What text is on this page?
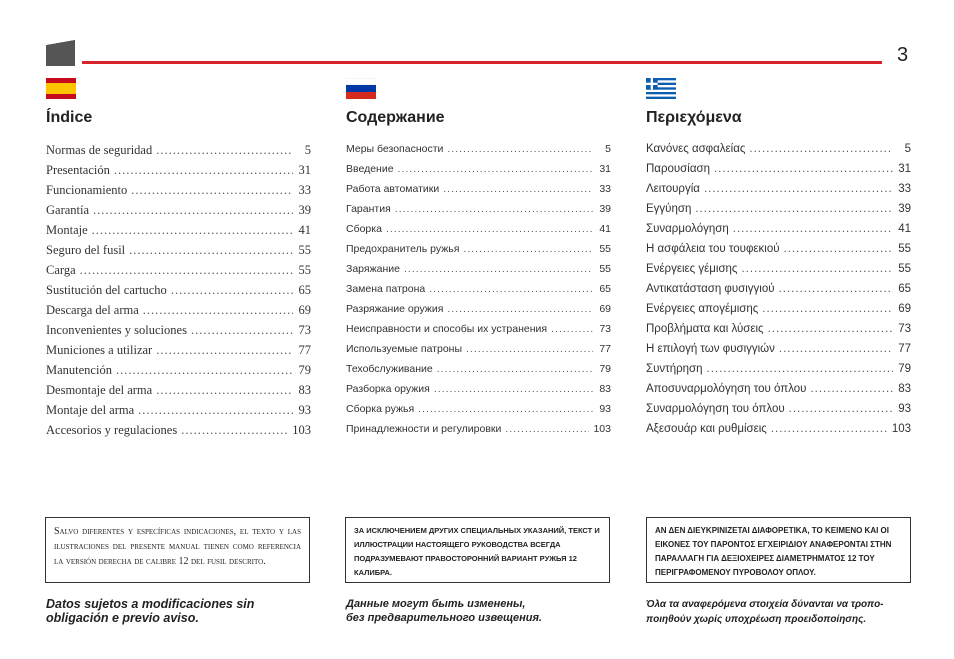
3
Índice
Normas de seguridad .....	5
Presentación .....	31
Funcionamiento .....	33
Garantía .....	39
Montaje .....	41
Seguro del fusil .....	55
Carga .....	55
Sustitución del cartucho .....	65
Descarga del arma .....	69
Inconvenientes y soluciones .....	73
Municiones a utilizar .....	77
Manutención .....	79
Desmontaje del arma .....	83
Montaje del arma .....	93
Accesorios y regulaciones .....	103
Содержание
Меры безопасности .....	5
Введение .....	31
Работа автоматики .....	33
Гарантия .....	39
Сборка .....	41
Предохранитель ружья .....	55
Заряжание .....	55
Замена патрона .....	65
Разряжание оружия .....	69
Неисправности и способы их устранения .....	73
Используемые патроны .....	77
Техобслуживание .....	79
Разборка оружия .....	83
Сборка ружья .....	93
Принадлежности и регулировки .....	103
Περιεχόμενα
Κανόνες ασφαλείας .....	5
Παρουσίαση .....	31
Λειτουργία .....	33
Εγγύηση .....	39
Συναρμολόγηση .....	41
Η ασφάλεια του τουφεκιού .....	55
Ενέργειες γέμισης .....	55
Αντικατάσταση φυσιγγιού .....	65
Ενέργειες απογέμισης .....	69
Προβλήματα και λύσεις .....	73
Η επιλογή των φυσιγγιών .....	77
Συντήρηση .....	79
Αποσυναρμολόγηση του όπλου .....	83
Συναρμολόγηση του όπλου .....	93
Αξεσουάρ και ρυθμίσεις .....	103
Salvo diferentes y específicas indicaciones, el texto y las ilustraciones del presente manual tienen como referencia la versión derecha de calibre 12 del fusil descrito.
ЗА ИСКЛЮЧЕНИЕМ ДРУГИХ СПЕЦИАЛЬНЫХ УКАЗАНИЙ, ТЕКСТ И ИЛЛЮСТРАЦИИ НАСТОЯЩЕГО РУКОВОДСТВА ВСЕГДА ПОДРАЗУМЕВАЮТ ПРАВОСТОРОННИЙ ВАРИАНТ РУЖЬЯ 12 КАЛИБРА.
ΑΝ ΔΕΝ ΔΙΕΥΚΡΙΝΙΖΕΤΑΙ ΔΙΑΦΟΡΕΤΙΚΑ, ΤΟ ΚΕΙΜΕΝΟ ΚΑΙ ΟΙ ΕΙΚΟΝΕΣ ΤΟΥ ΠΑΡΟΝΤΟΣ ΕΓΧΕΙΡΙΔΙΟΥ ΑΝΑΦΕΡΟΝΤΑΙ ΣΤΗΝ ΠΑΡΑΛΛΑΓΗ ΓΙΑ ΔΕΞΙΟΧΕΙΡΕΣ ΔΙΑΜΕΤΡΗΜΑΤΟΣ 12 ΤΟΥ ΠΕΡΙΓΡΑΦΟΜΕΝΟΥ ΠΥΡΟΒΟΛΟΥ ΟΠΛΟΥ.
Datos sujetos a modificaciones sin
obligación e previo aviso.
Данные могут быть изменены,
без предварительного извещения.
Όλα τα αναφερόμενα στοιχεία δύνανται να τροπο-
ποιηθούν χωρίς υποχρέωση προειδοποίησης.
